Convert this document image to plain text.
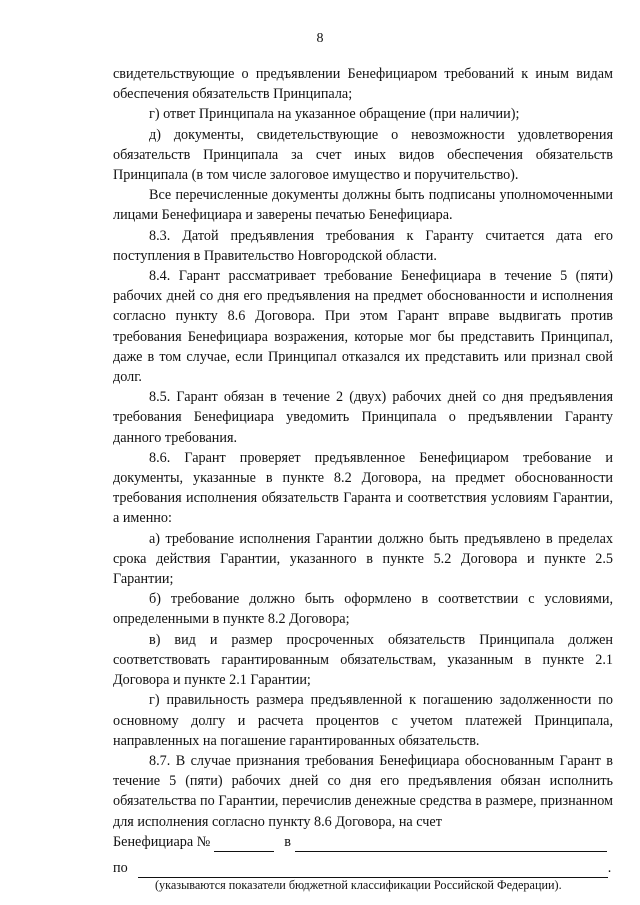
8

свидетельствующие о предъявлении Бенефициаром требований к иным видам обеспечения обязательств Принципала;

г) ответ Принципала на указанное обращение (при наличии);

д) документы, свидетельствующие о невозможности удовлетворения обязательств Принципала за счет иных видов обеспечения обязательств Принципала (в том числе залоговое имущество и поручительство).

Все перечисленные документы должны быть подписаны уполномоченными лицами Бенефициара и заверены печатью Бенефициара.

8.3. Датой предъявления требования к Гаранту считается дата его поступления в Правительство Новгородской области.

8.4. Гарант рассматривает требование Бенефициара в течение 5 (пяти) рабочих дней со дня его предъявления на предмет обоснованности и исполнения согласно пункту 8.6 Договора. При этом Гарант вправе выдвигать против требования Бенефициара возражения, которые мог бы представить Принципал, даже в том случае, если Принципал отказался их представить или признал свой долг.

8.5. Гарант обязан в течение 2 (двух) рабочих дней со дня предъявления требования Бенефициара уведомить Принципала о предъявлении Гаранту данного требования.

8.6. Гарант проверяет предъявленное Бенефициаром требование и документы, указанные в пункте 8.2 Договора, на предмет обоснованности требования исполнения обязательств Гаранта и соответствия условиям Гарантии, а именно:

а) требование исполнения Гарантии должно быть предъявлено в пределах срока действия Гарантии, указанного в пункте 5.2 Договора и пункте 2.5 Гарантии;

б) требование должно быть оформлено в соответствии с условиями, определенными в пункте 8.2 Договора;

в) вид и размер просроченных обязательств Принципала должен соответствовать гарантированным обязательствам, указанным в пункте 2.1 Договора и пункте 2.1 Гарантии;

г) правильность размера предъявленной к погашению задолженности по основному долгу и расчета процентов с учетом платежей Принципала, направленных на погашение гарантированных обязательств.

8.7. В случае признания требования Бенефициара обоснованным Гарант в течение 5 (пяти) рабочих дней со дня его предъявления обязан исполнить обязательства по Гарантии, перечислив денежные средства в размере, признанном для исполнения согласно пункту 8.6 Договора, на счет

Бенефициара №	в
по	.

(указываются показатели бюджетной классификации Российской Федерации).
